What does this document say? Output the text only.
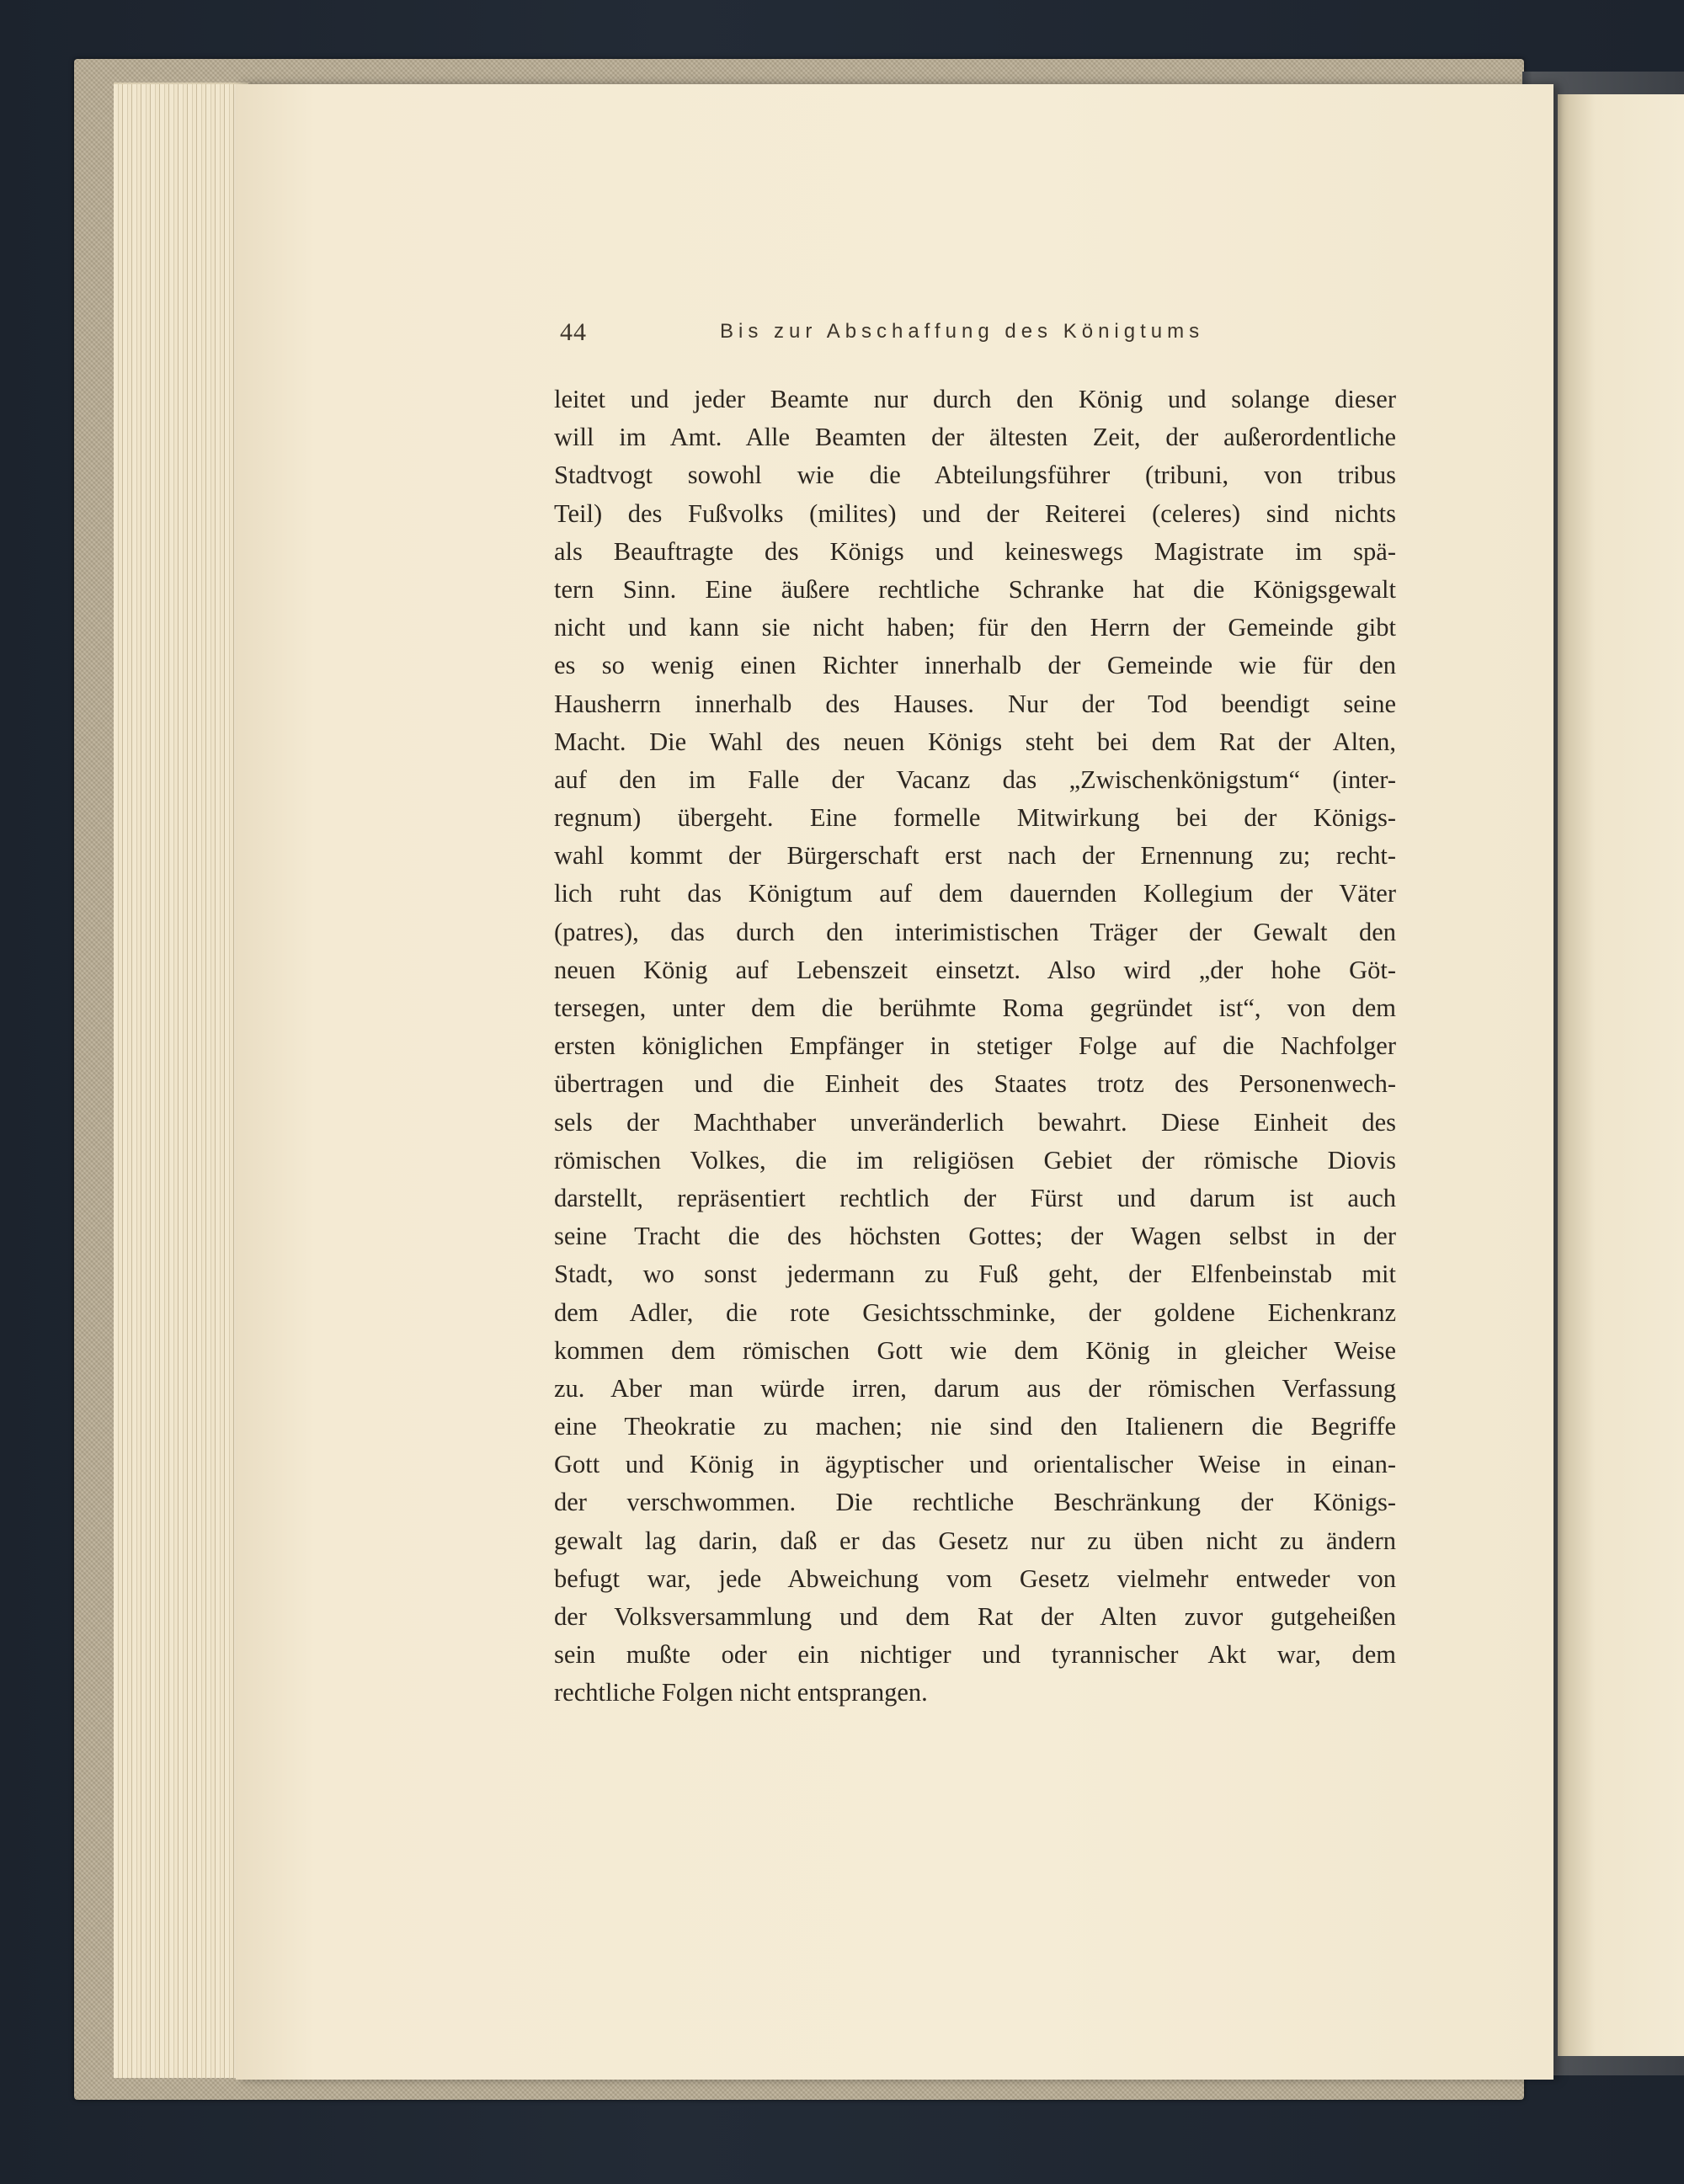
44	Bis zur Abschaffung des Königtums
leitet und jeder Beamte nur durch den König und solange dieser
will im Amt. Alle Beamten der ältesten Zeit, der außerordentliche
Stadtvogt sowohl wie die Abteilungsführer (tribuni, von tribus
Teil) des Fußvolks (milites) und der Reiterei (celeres) sind nichts
als Beauftragte des Königs und keineswegs Magistrate im spä-
tern Sinn. Eine äußere rechtliche Schranke hat die Königsgewalt
nicht und kann sie nicht haben; für den Herrn der Gemeinde gibt
es so wenig einen Richter innerhalb der Gemeinde wie für den
Hausherrn innerhalb des Hauses. Nur der Tod beendigt seine
Macht. Die Wahl des neuen Königs steht bei dem Rat der Alten,
auf den im Falle der Vacanz das „Zwischenkönigstum“ (inter-
regnum) übergeht. Eine formelle Mitwirkung bei der Königs-
wahl kommt der Bürgerschaft erst nach der Ernennung zu; recht-
lich ruht das Königtum auf dem dauernden Kollegium der Väter
(patres), das durch den interimistischen Träger der Gewalt den
neuen König auf Lebenszeit einsetzt. Also wird „der hohe Göt-
tersegen, unter dem die berühmte Roma gegründet ist“, von dem
ersten königlichen Empfänger in stetiger Folge auf die Nachfolger
übertragen und die Einheit des Staates trotz des Personenwech-
sels der Machthaber unveränderlich bewahrt. Diese Einheit des
römischen Volkes, die im religiösen Gebiet der römische Diovis
darstellt, repräsentiert rechtlich der Fürst und darum ist auch
seine Tracht die des höchsten Gottes; der Wagen selbst in der
Stadt, wo sonst jedermann zu Fuß geht, der Elfenbeinstab mit
dem Adler, die rote Gesichtsschminke, der goldene Eichenkranz
kommen dem römischen Gott wie dem König in gleicher Weise
zu. Aber man würde irren, darum aus der römischen Verfassung
eine Theokratie zu machen; nie sind den Italienern die Begriffe
Gott und König in ägyptischer und orientalischer Weise in einan-
der verschwommen. Die rechtliche Beschränkung der Königs-
gewalt lag darin, daß er das Gesetz nur zu üben nicht zu ändern
befugt war, jede Abweichung vom Gesetz vielmehr entweder von
der Volksversammlung und dem Rat der Alten zuvor gutgeheißen
sein mußte oder ein nichtiger und tyrannischer Akt war, dem
rechtliche Folgen nicht entsprangen.
